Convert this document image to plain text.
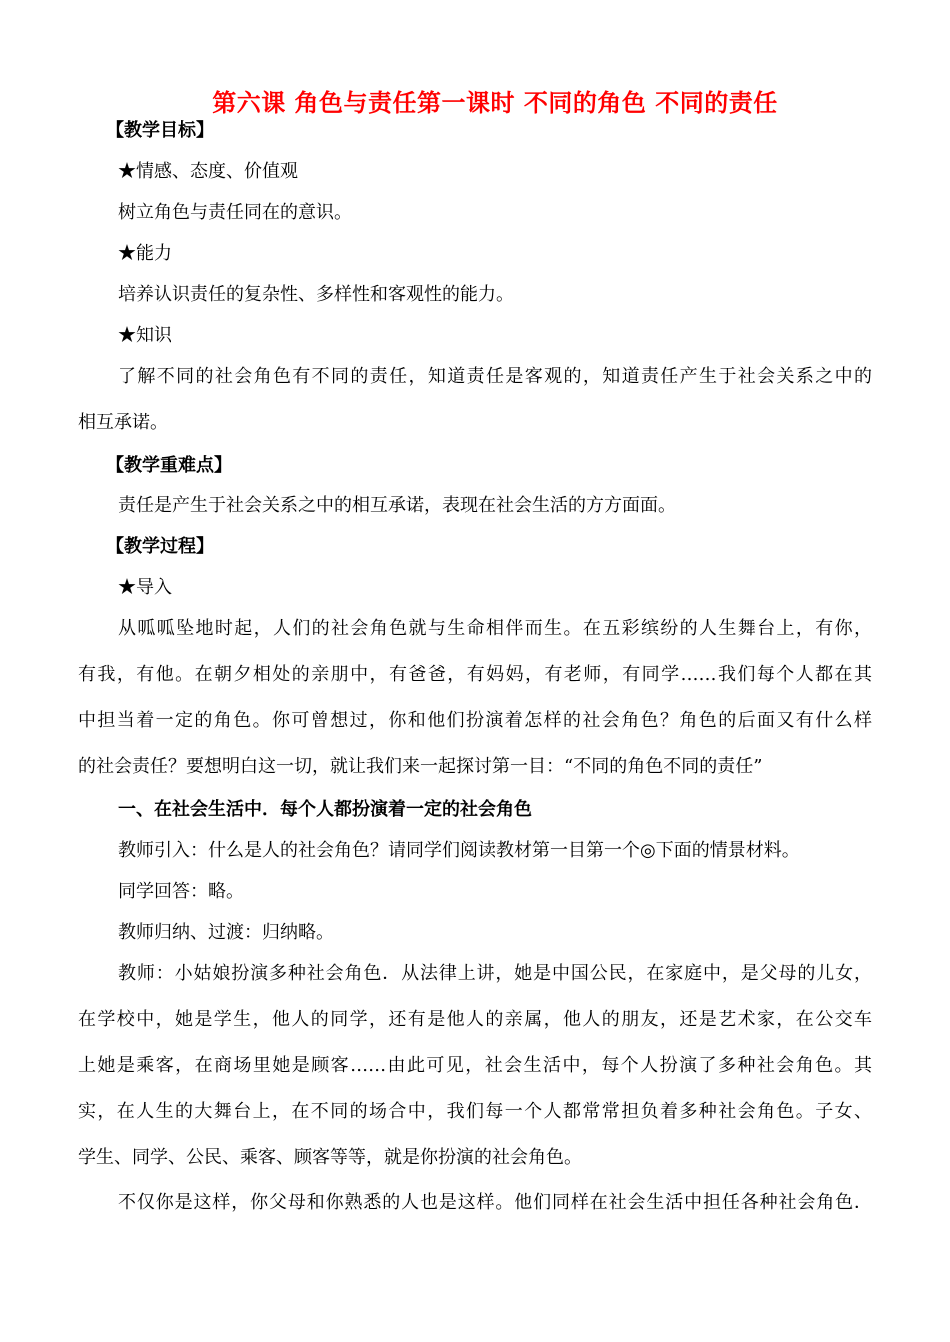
第六课 角色与责任第一课时 不同的角色 不同的责任
【教学目标】
★情感、态度、价值观
树立角色与责任同在的意识。
★能力
培养认识责任的复杂性、多样性和客观性的能力。
★知识
了解不同的社会角色有不同的责任，知道责任是客观的，知道责任产生于社会关系之中的
相互承诺。
【教学重难点】
责任是产生于社会关系之中的相互承诺，表现在社会生活的方方面面。
【教学过程】
★导入
从呱呱坠地时起，人们的社会角色就与生命相伴而生。在五彩缤纷的人生舞台上，有你，
有我，有他。在朝夕相处的亲朋中，有爸爸，有妈妈，有老师，有同学……我们每个人都在其
中担当着一定的角色。你可曾想过，你和他们扮演着怎样的社会角色？角色的后面又有什么样
的社会责任？要想明白这一切，就让我们来一起探讨第一目：“不同的角色不同的责任”
一、在社会生活中．每个人都扮演着一定的社会角色
教师引入：什么是人的社会角色？请同学们阅读教材第一目第一个◎下面的情景材料。
同学回答：略。
教师归纳、过渡：归纳略。
教师：小姑娘扮演多种社会角色．从法律上讲，她是中国公民，在家庭中，是父母的儿女，
在学校中，她是学生，他人的同学，还有是他人的亲属，他人的朋友，还是艺术家，在公交车
上她是乘客，在商场里她是顾客……由此可见，社会生活中，每个人扮演了多种社会角色。其
实，在人生的大舞台上，在不同的场合中，我们每一个人都常常担负着多种社会角色。子女、
学生、同学、公民、乘客、顾客等等，就是你扮演的社会角色。
不仅你是这样，你父母和你熟悉的人也是这样。他们同样在社会生活中担任各种社会角色．
